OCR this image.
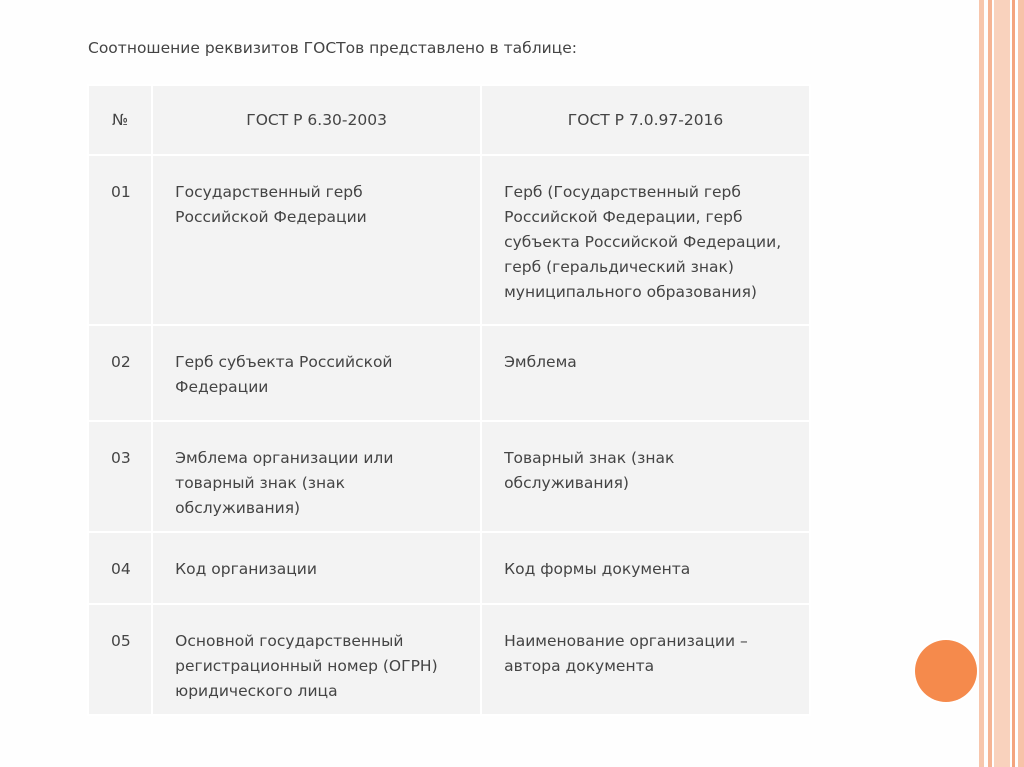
Соотношение реквизитов ГОСТов представлено в таблице:
№	ГОСТ Р 6.30-2003	ГОСТ Р 7.0.97-2016

01	Государственный герб Российской Федерации	Герб (Государственный герб Российской Федерации, герб субъекта Российской Федерации, герб (геральдический знак) муниципального образования)

02	Герб субъекта Российской Федерации	Эмблема

03	Эмблема организации или товарный знак (знак обслуживания)	Товарный знак (знак обслуживания)

04	Код организации	Код формы документа

05	Основной государственный регистрационный номер (ОГРН) юридического лица	Наименование организации – автора документа
